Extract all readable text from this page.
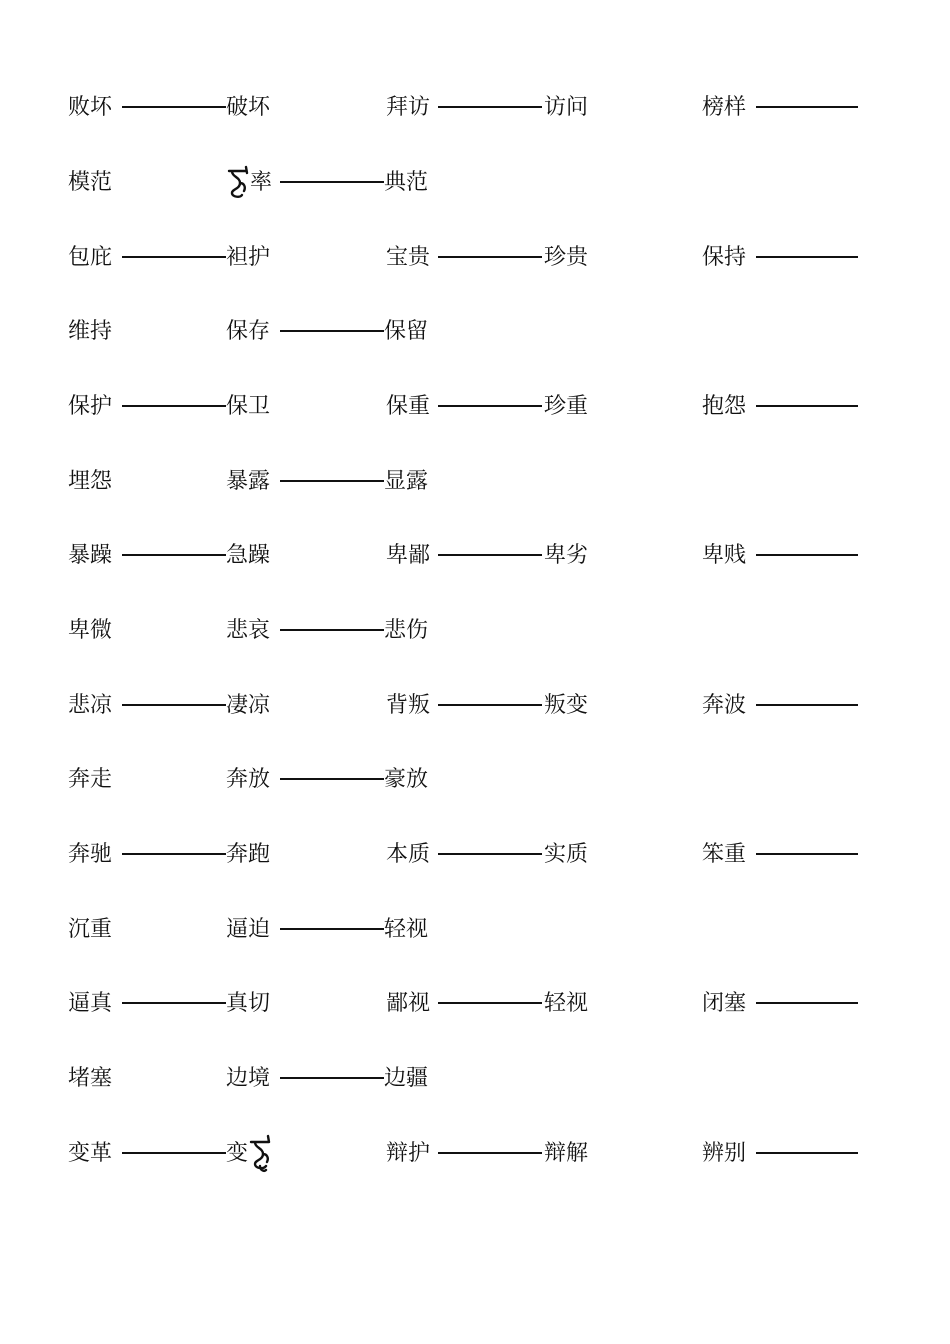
败坏	破坏	拜访	访问	榜样
模范	率	典范
包庇	袒护	宝贵	珍贵	保持
维持	保存	保留
保护	保卫	保重	珍重	抱怨
埋怨	暴露	显露
暴躁	急躁	卑鄙	卑劣	卑贱
卑微	悲哀	悲伤
悲凉	凄凉	背叛	叛变	奔波
奔走	奔放	豪放
奔驰	奔跑	本质	实质	笨重
沉重	逼迫	轻视
逼真	真切	鄙视	轻视	闭塞
堵塞	边境	边疆
变革	变	辩护	辩解	辨别
